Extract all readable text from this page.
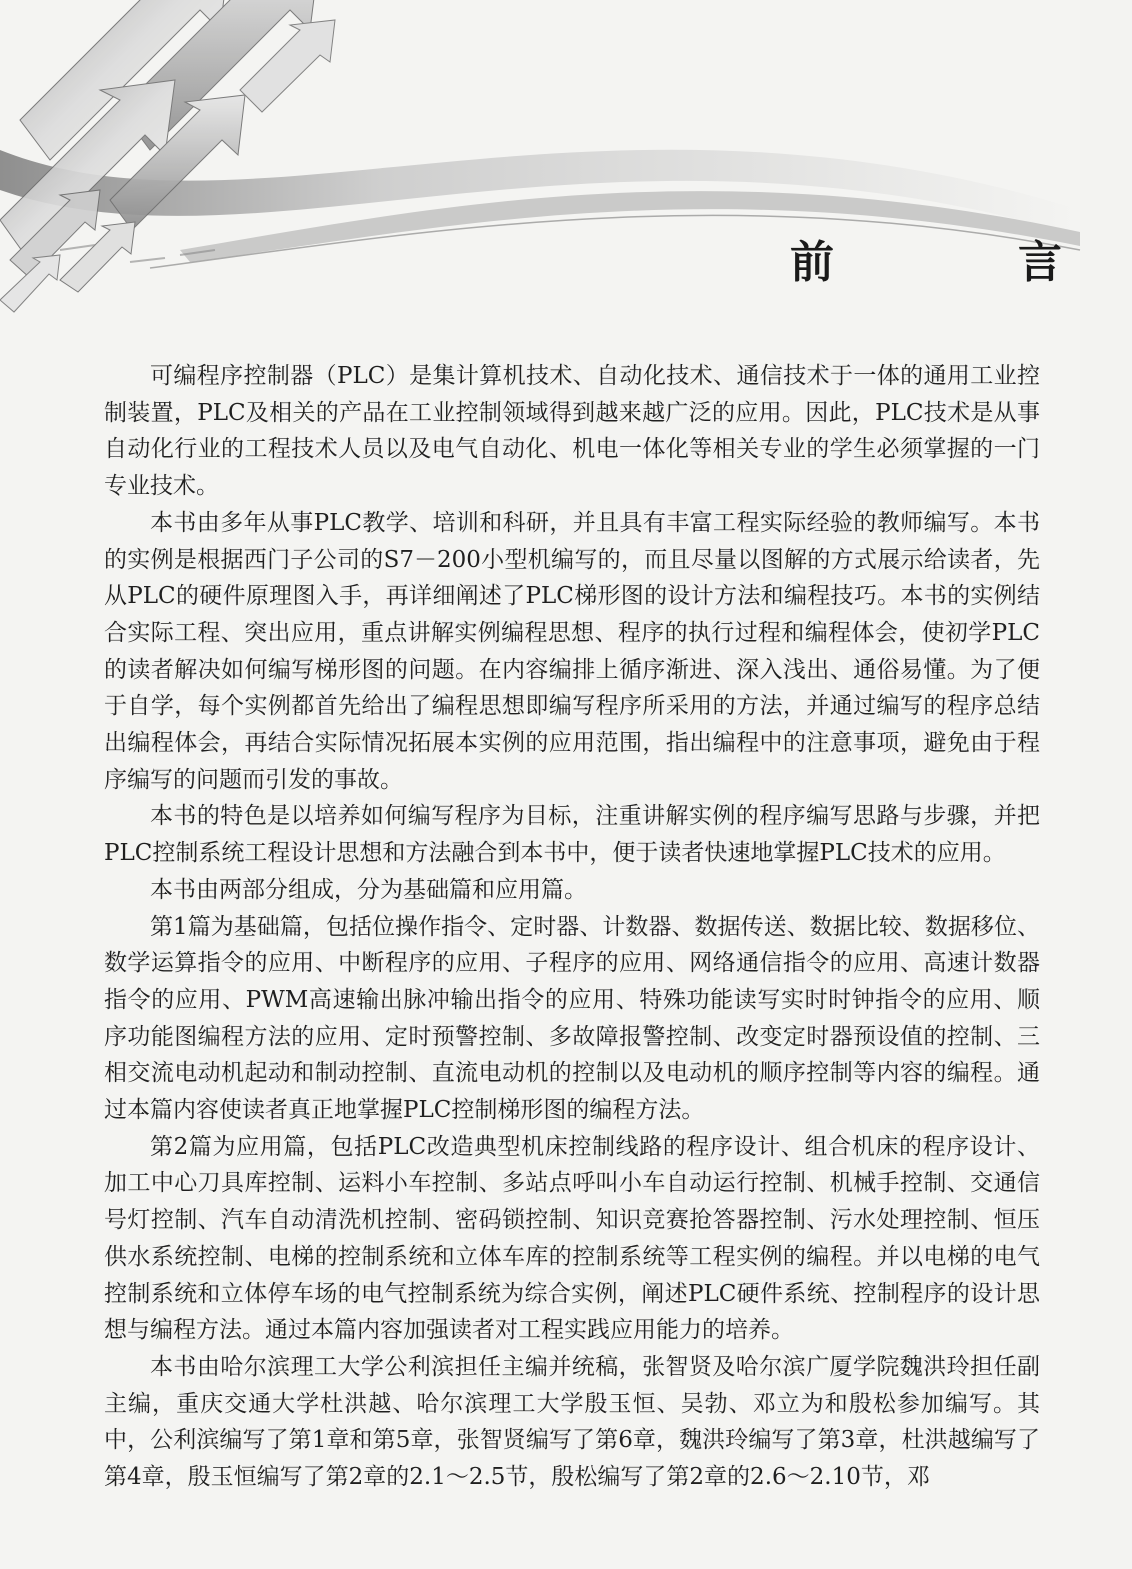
前　言

可编程序控制器（PLC）是集计算机技术、自动化技术、通信技术于一体的通用工业控制装置，PLC及相关的产品在工业控制领域得到越来越广泛的应用。因此，PLC技术是从事自动化行业的工程技术人员以及电气自动化、机电一体化等相关专业的学生必须掌握的一门专业技术。

本书由多年从事PLC教学、培训和科研，并且具有丰富工程实际经验的教师编写。本书的实例是根据西门子公司的S7－200小型机编写的，而且尽量以图解的方式展示给读者，先从PLC的硬件原理图入手，再详细阐述了PLC梯形图的设计方法和编程技巧。本书的实例结合实际工程、突出应用，重点讲解实例编程思想、程序的执行过程和编程体会，使初学PLC的读者解决如何编写梯形图的问题。在内容编排上循序渐进、深入浅出、通俗易懂。为了便于自学，每个实例都首先给出了编程思想即编写程序所采用的方法，并通过编写的程序总结出编程体会，再结合实际情况拓展本实例的应用范围，指出编程中的注意事项，避免由于程序编写的问题而引发的事故。

本书的特色是以培养如何编写程序为目标，注重讲解实例的程序编写思路与步骤，并把PLC控制系统工程设计思想和方法融合到本书中，便于读者快速地掌握PLC技术的应用。

本书由两部分组成，分为基础篇和应用篇。

第1篇为基础篇，包括位操作指令、定时器、计数器、数据传送、数据比较、数据移位、数学运算指令的应用、中断程序的应用、子程序的应用、网络通信指令的应用、高速计数器指令的应用、PWM高速输出脉冲输出指令的应用、特殊功能读写实时时钟指令的应用、顺序功能图编程方法的应用、定时预警控制、多故障报警控制、改变定时器预设值的控制、三相交流电动机起动和制动控制、直流电动机的控制以及电动机的顺序控制等内容的编程。通过本篇内容使读者真正地掌握PLC控制梯形图的编程方法。

第2篇为应用篇，包括PLC改造典型机床控制线路的程序设计、组合机床的程序设计、加工中心刀具库控制、运料小车控制、多站点呼叫小车自动运行控制、机械手控制、交通信号灯控制、汽车自动清洗机控制、密码锁控制、知识竞赛抢答器控制、污水处理控制、恒压供水系统控制、电梯的控制系统和立体车库的控制系统等工程实例的编程。并以电梯的电气控制系统和立体停车场的电气控制系统为综合实例，阐述PLC硬件系统、控制程序的设计思想与编程方法。通过本篇内容加强读者对工程实践应用能力的培养。

本书由哈尔滨理工大学公利滨担任主编并统稿，张智贤及哈尔滨广厦学院魏洪玲担任副主编，重庆交通大学杜洪越、哈尔滨理工大学殷玉恒、吴勃、邓立为和殷松参加编写。其中，公利滨编写了第1章和第5章，张智贤编写了第6章，魏洪玲编写了第3章，杜洪越编写了第4章，殷玉恒编写了第2章的2.1～2.5节，殷松编写了第2章的2.6～2.10节，邓
